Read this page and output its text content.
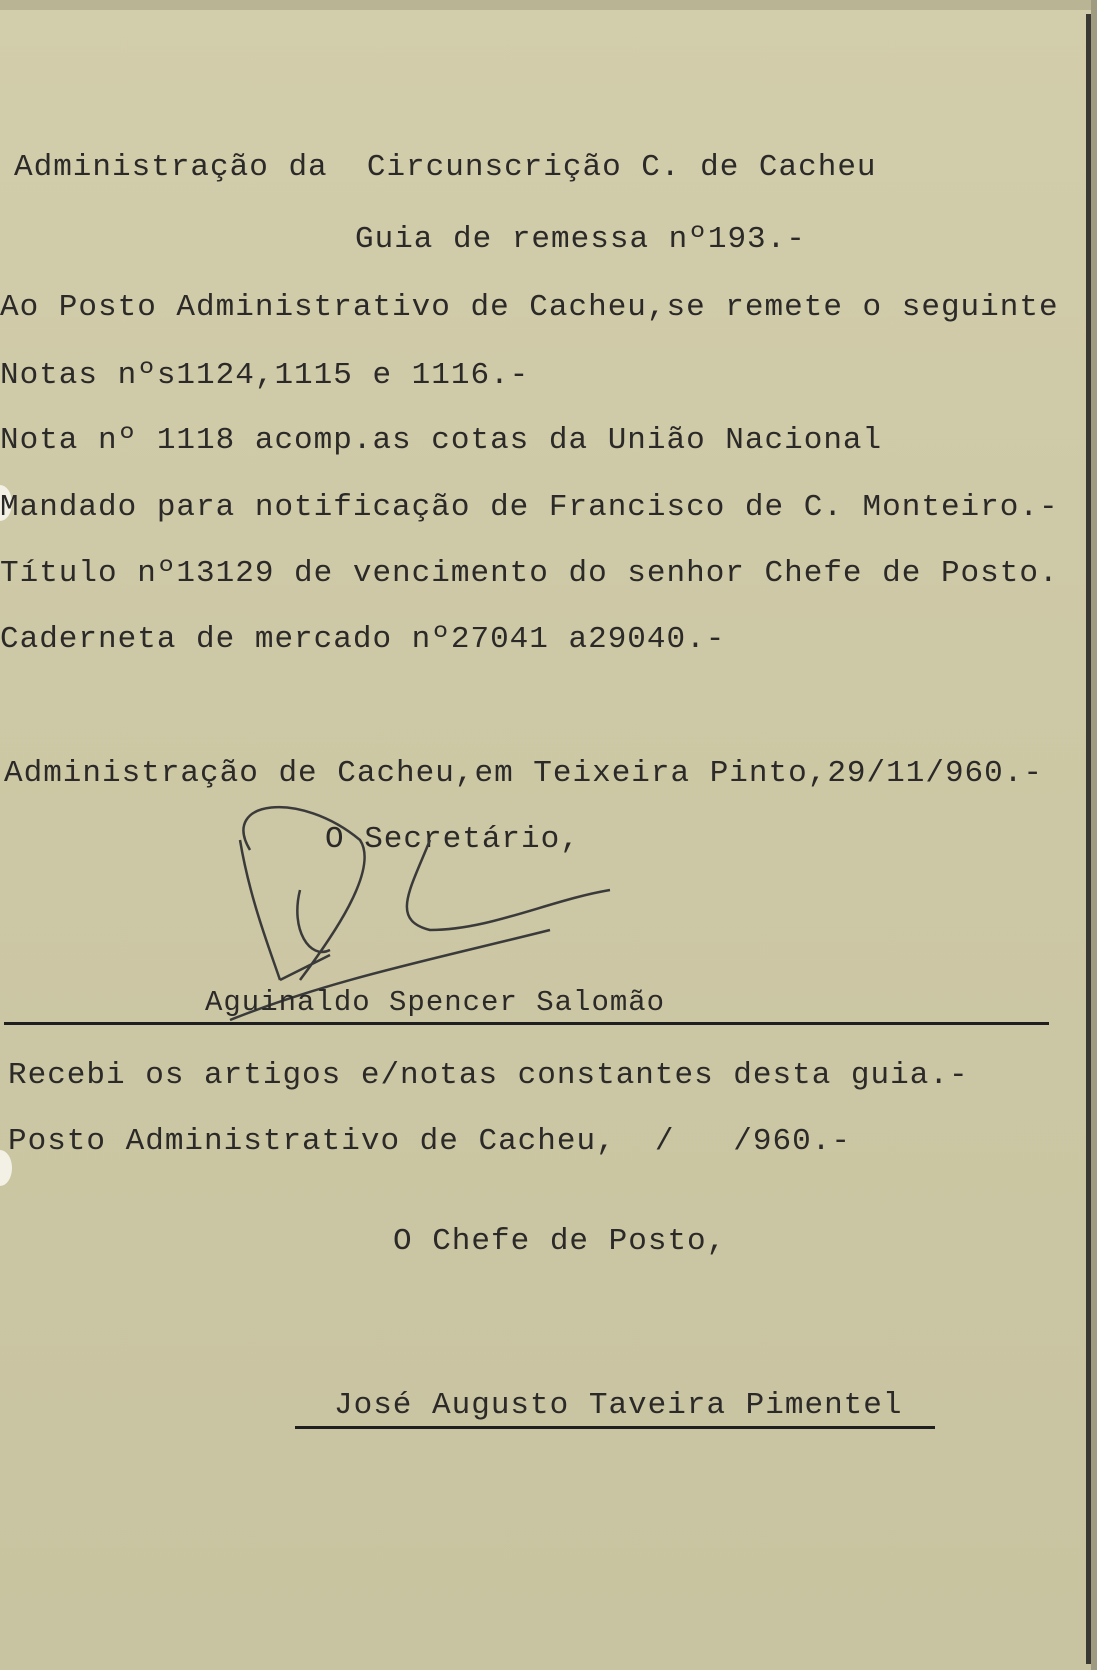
Administração da  Circunscrição C. de Cacheu
Guia de remessa nº193.-
Ao Posto Administrativo de Cacheu,se remete o seguinte
Notas nºs1124,1115 e 1116.-
Nota nº 1118 acomp.as cotas da União Nacional
Mandado para notificação de Francisco de C. Monteiro.-
Título nº13129 de vencimento do senhor Chefe de Posto.
Caderneta de mercado nº27041 a29040.-
Administração de Cacheu,em Teixeira Pinto,29/11/960.-
O Secretário,
Aguinaldo Spencer Salomão
Recebi os artigos e/notas constantes desta guia.-
Posto Administrativo de Cacheu,  /   /960.-
O Chefe de Posto,
José Augusto Taveira Pimentel
